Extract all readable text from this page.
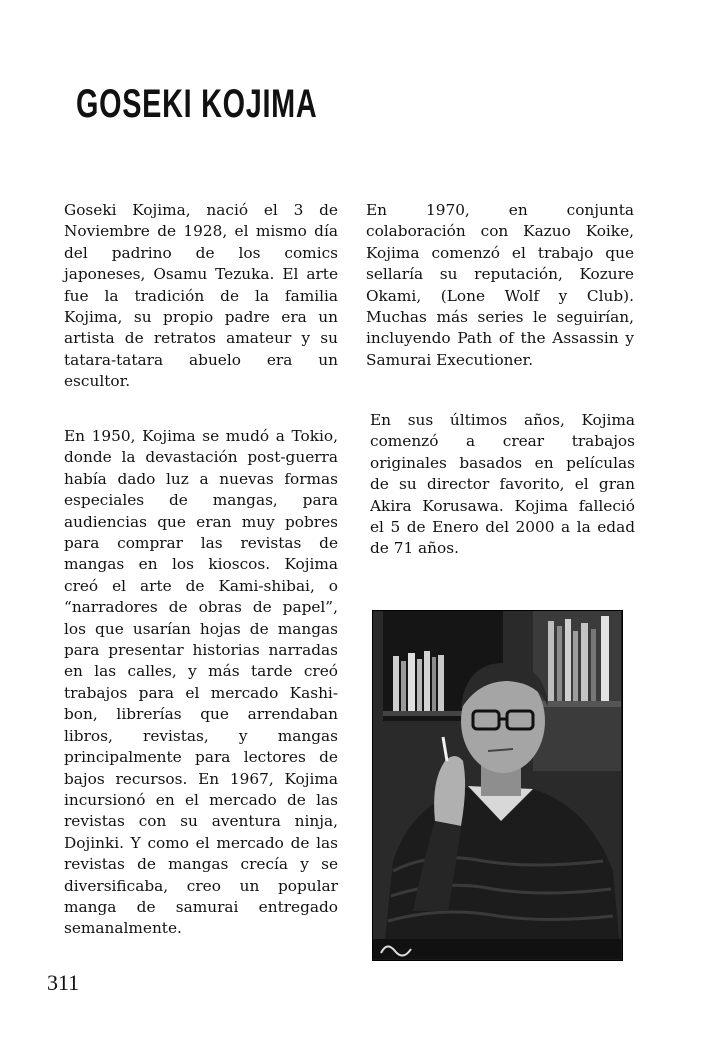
GOSEKI KOJIMA

Goseki Kojima, nació el 3 de Noviembre de 1928, el mismo día del padrino de los comics japoneses, Osamu Tezuka. El arte fue la tradición de la familia Kojima, su propio padre era un artista de retratos amateur y su tatara-tatara abuelo era un escultor.

En 1950, Kojima se mudó a Tokio, donde la devastación post-guerra había dado luz a nuevas formas especiales de mangas, para audiencias que eran muy pobres para comprar las revistas de mangas en los kioscos. Kojima creó el arte de Kami-shibai, o “narradores de obras de papel”, los que usarían hojas de mangas para presentar historias narradas en las calles, y más tarde creó trabajos para el mercado Kashi-bon, librerías que arrendaban libros, revistas, y mangas principalmente para lectores de bajos recursos. En 1967, Kojima incursionó en el mercado de las revistas con su aventura ninja, Dojinki. Y como el mercado de las revistas de mangas crecía y se diversificaba, creo un popular manga de samurai entregado semanalmente.

En 1970, en conjunta colaboración con Kazuo Koike, Kojima comenzó el trabajo que sellaría su reputación, Kozure Okami, (Lone Wolf y Club). Muchas más series le seguirían, incluyendo Path of the Assassin y Samurai Executioner.

En sus últimos años, Kojima comenzó a crear trabajos originales basados en películas de su director favorito, el gran Akira Korusawa. Kojima falleció el 5 de Enero del 2000 a la edad de 71 años.

311
